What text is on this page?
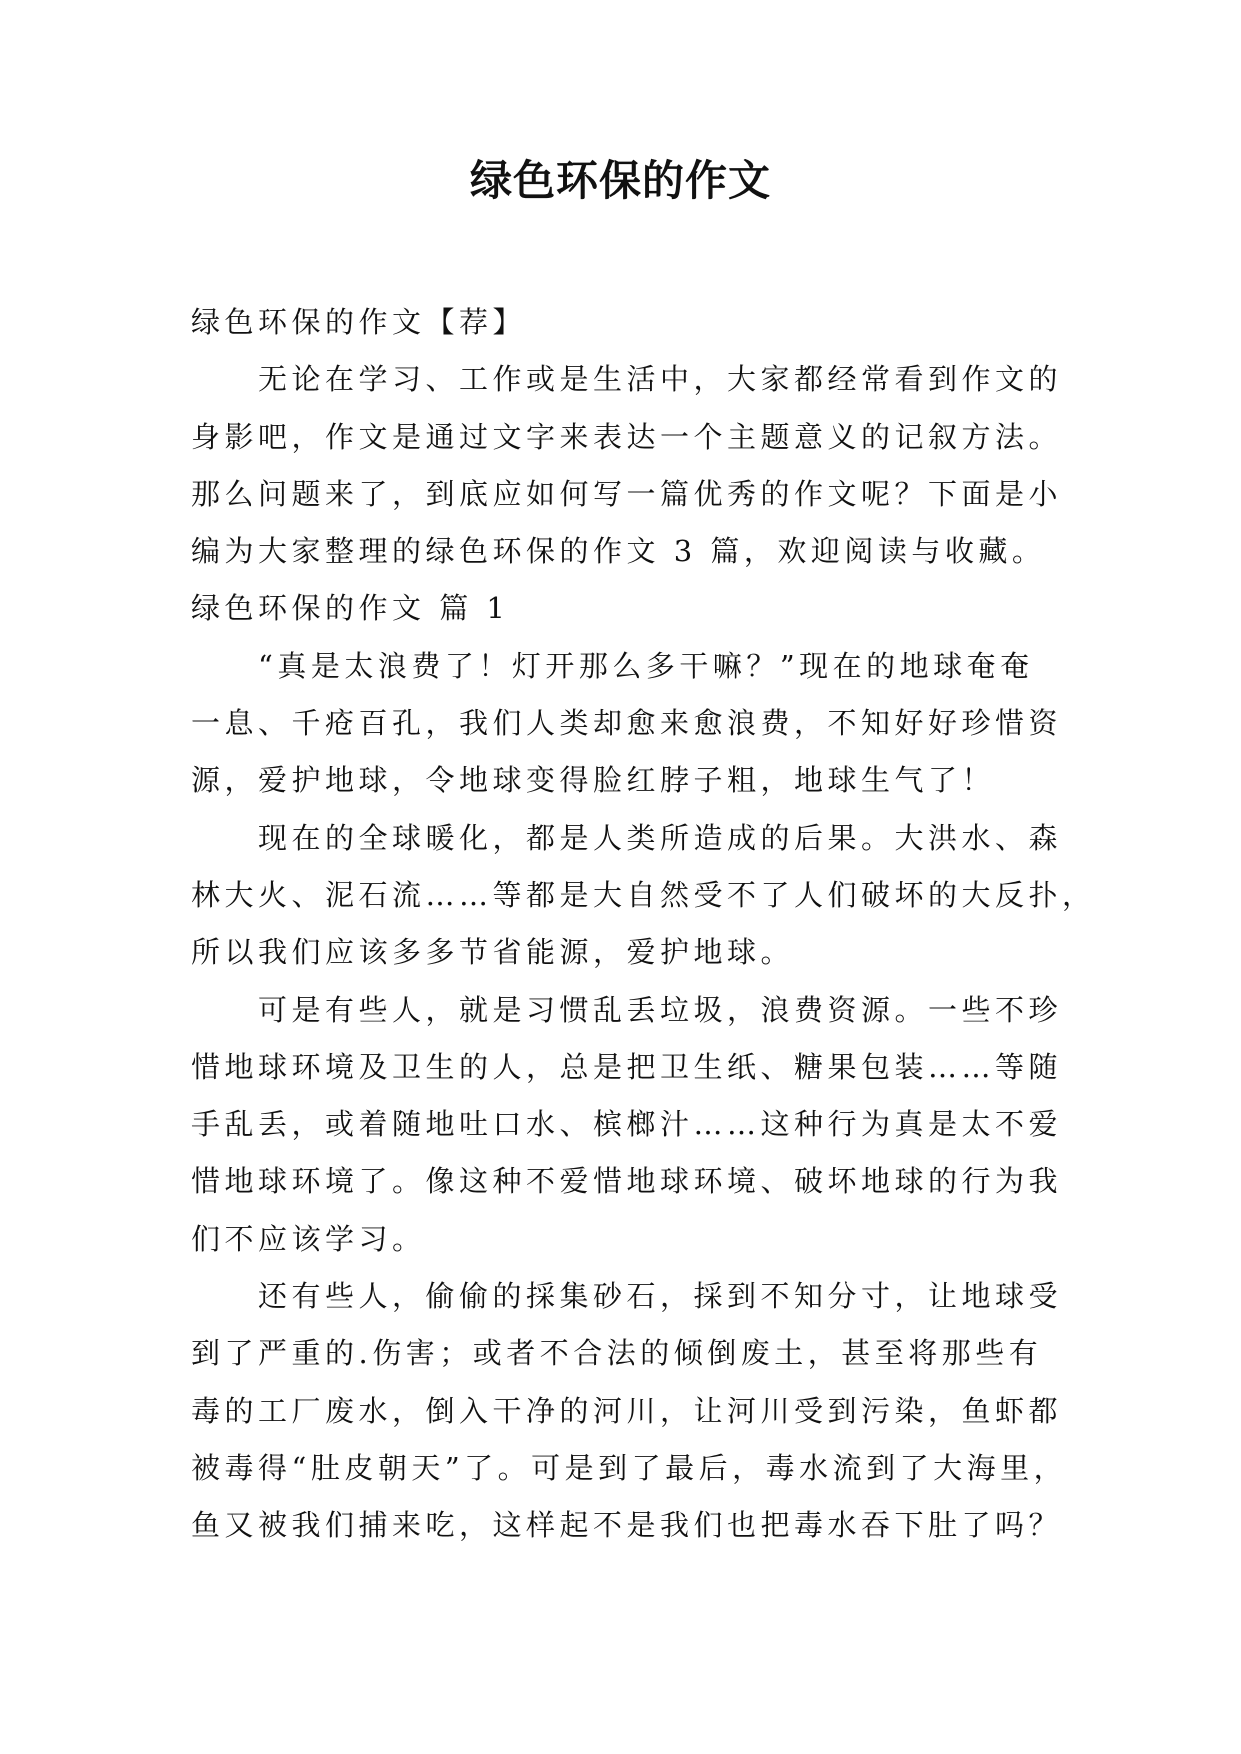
绿色环保的作文
绿色环保的作文【荐】
　　无论在学习、工作或是生活中，大家都经常看到作文的
身影吧，作文是通过文字来表达一个主题意义的记叙方法。
那么问题来了，到底应如何写一篇优秀的作文呢？下面是小
编为大家整理的绿色环保的作文 3 篇，欢迎阅读与收藏。
绿色环保的作文 篇 1
　　“真是太浪费了！灯开那么多干嘛？”现在的地球奄奄
一息、千疮百孔，我们人类却愈来愈浪费，不知好好珍惜资
源，爱护地球，令地球变得脸红脖子粗，地球生气了！
　　现在的全球暖化，都是人类所造成的后果。大洪水、森
林大火、泥石流……等都是大自然受不了人们破坏的大反扑，
所以我们应该多多节省能源，爱护地球。
　　可是有些人，就是习惯乱丢垃圾，浪费资源。一些不珍
惜地球环境及卫生的人，总是把卫生纸、糖果包装……等随
手乱丢，或着随地吐口水、槟榔汁……这种行为真是太不爱
惜地球环境了。像这种不爱惜地球环境、破坏地球的行为我
们不应该学习。
　　还有些人，偷偷的採集砂石，採到不知分寸，让地球受
到了严重的.伤害；或者不合法的倾倒废土，甚至将那些有
毒的工厂废水，倒入干净的河川，让河川受到污染，鱼虾都
被毒得“肚皮朝天”了。可是到了最后，毒水流到了大海里，
鱼又被我们捕来吃，这样起不是我们也把毒水吞下肚了吗？
